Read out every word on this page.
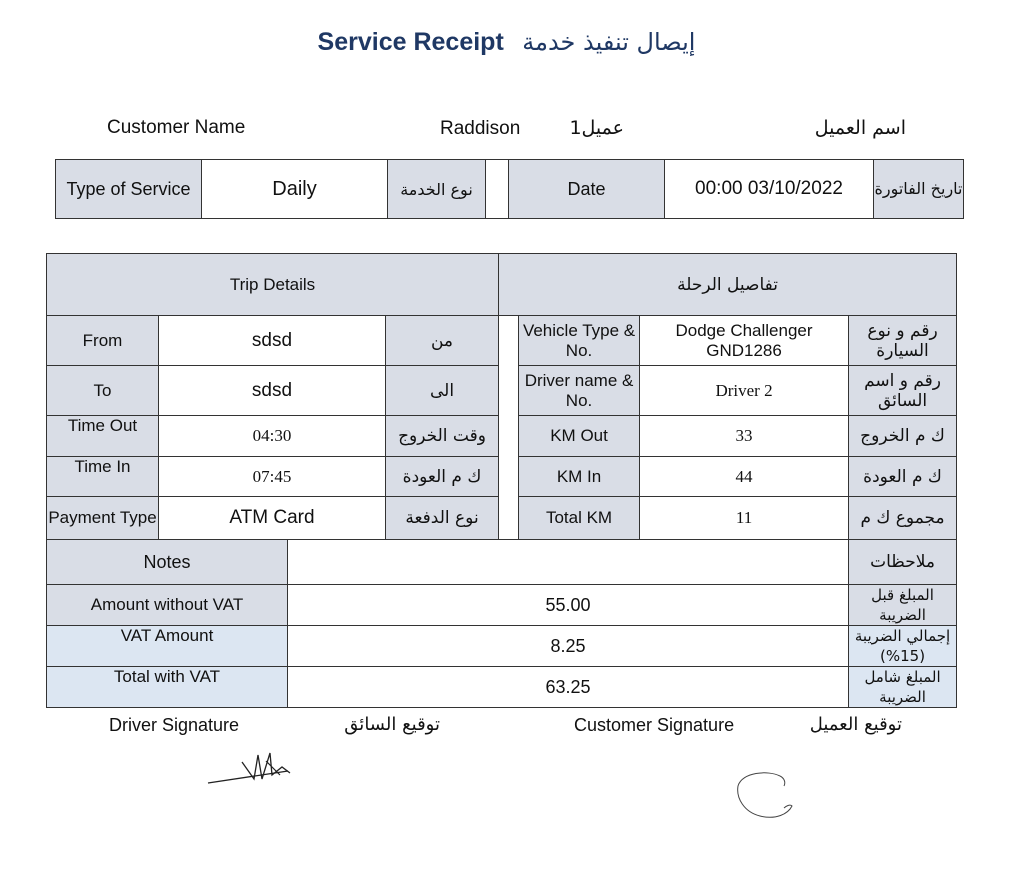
Service Receipt إيصال تنفيذ خدمة
Customer Name	Raddison	عميل1	اسم العميل
Type of Service	Daily	نوع الخدمة		Date	00:00 03/10/2022	تاريخ الفاتورة
Trip Details				تفاصيل الرحلة			
From	sdsd		من		Vehicle Type & No.	Dodge Challenger GND1286	رقم و نوع السيارة
To	sdsd		الى		Driver name & No.	Driver 2	رقم و اسم السائق
Time Out	04:30		وقت الخروج		KM Out	33	ك م الخروج
Time In	07:45		ك م العودة		KM In	44	ك م العودة
Payment Type	ATM Card		نوع الدفعة		Total KM	11	مجموع ك م
Notes							ملاحظات
Amount without VAT		55.00					المبلغ قبل الضريبة
VAT Amount		8.25					إجمالي الضريبة (15%)
Total with VAT		63.25					المبلغ شامل الضريبة
Driver Signature	توقيع السائق	Customer Signature	توقيع العميل
